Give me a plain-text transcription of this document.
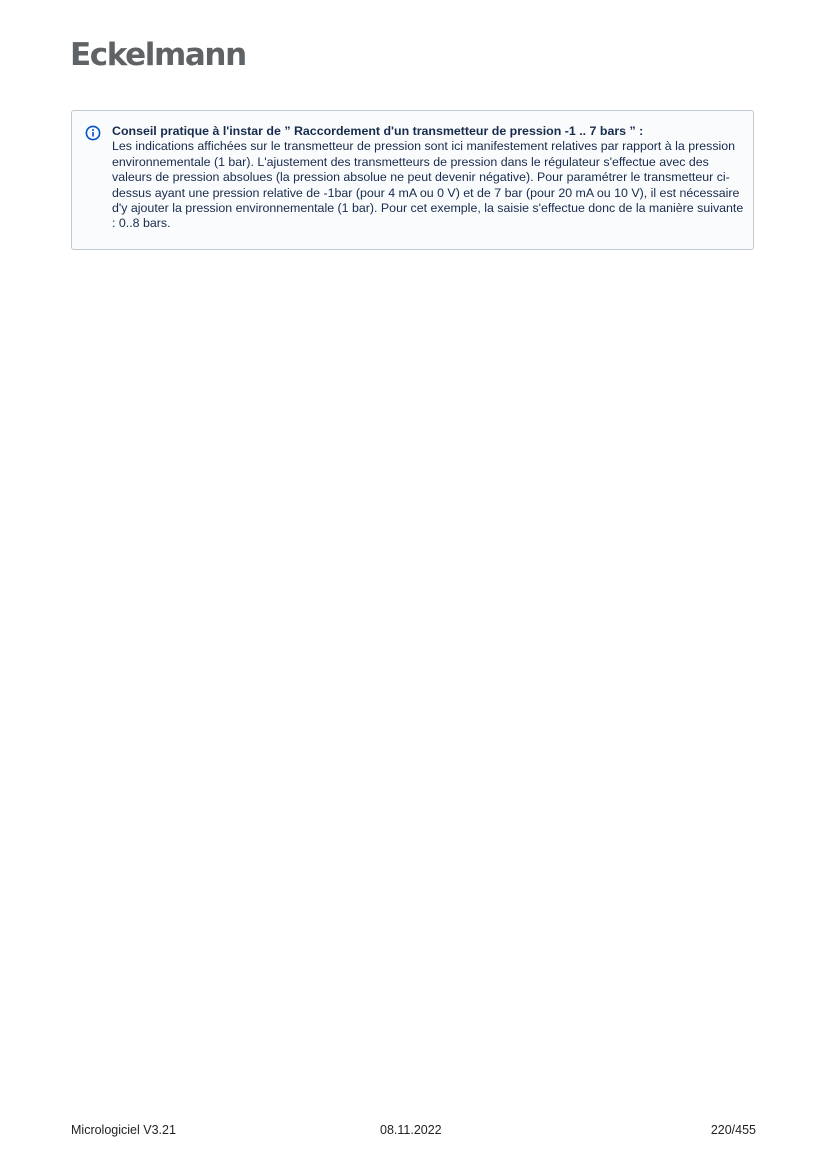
Eckelmann
Conseil pratique à l'instar de ” Raccordement d'un transmetteur de pression -1 .. 7 bars ” :
Les indications affichées sur le transmetteur de pression sont ici manifestement relatives par rapport à la pression environnementale (1 bar). L'ajustement des transmetteurs de pression dans le régulateur s'effectue avec des valeurs de pression absolues (la pression absolue ne peut devenir négative). Pour paramétrer le transmetteur ci-dessus ayant une pression relative de -1bar (pour 4 mA ou 0 V) et de 7 bar (pour 20 mA ou 10 V), il est nécessaire d'y ajouter la pression environnementale (1 bar). Pour cet exemple, la saisie s'effectue donc de la manière suivante : 0..8 bars.
Micrologiciel V3.21	08.11.2022	220/455
